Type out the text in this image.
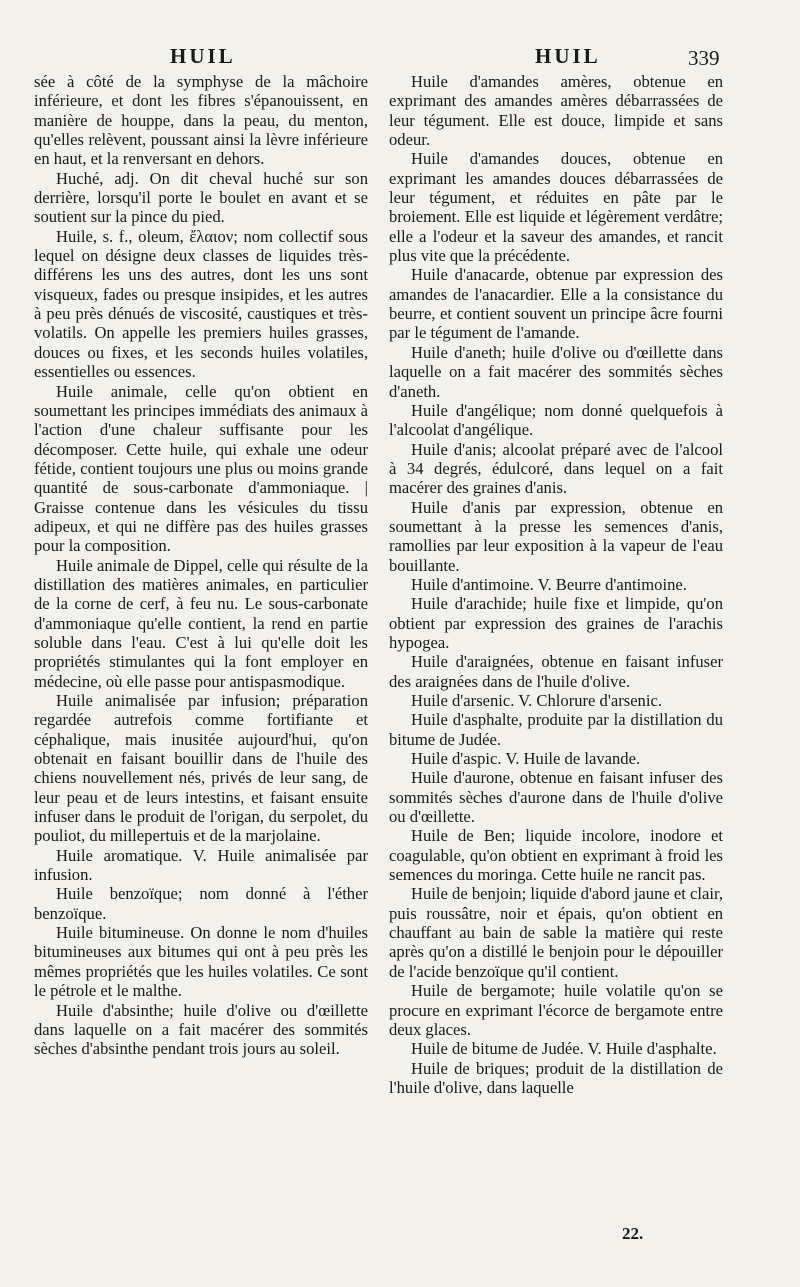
HUIL	HUIL	339

sée à côté de la symphyse de la mâchoire inférieure, et dont les fibres s'épanouissent, en manière de houppe, dans la peau, du menton, qu'elles relèvent, poussant ainsi la lèvre inférieure en haut, et la renversant en dehors.

Huché, adj. On dit cheval huché sur son derrière, lorsqu'il porte le boulet en avant et se soutient sur la pince du pied.

Huile, s. f., oleum, ἔλαιον; nom collectif sous lequel on désigne deux classes de liquides très-différens les uns des autres, dont les uns sont visqueux, fades ou presque insipides, et les autres à peu près dénués de viscosité, caustiques et très-volatils. On appelle les premiers huiles grasses, douces ou fixes, et les seconds huiles volatiles, essentielles ou essences.

Huile animale, celle qu'on obtient en soumettant les principes immédiats des animaux à l'action d'une chaleur suffisante pour les décomposer. Cette huile, qui exhale une odeur fétide, contient toujours une plus ou moins grande quantité de sous-carbonate d'ammoniaque. | Graisse contenue dans les vésicules du tissu adipeux, et qui ne diffère pas des huiles grasses pour la composition.

Huile animale de Dippel, celle qui résulte de la distillation des matières animales, en particulier de la corne de cerf, à feu nu. Le sous-carbonate d'ammoniaque qu'elle contient, la rend en partie soluble dans l'eau. C'est à lui qu'elle doit les propriétés stimulantes qui la font employer en médecine, où elle passe pour antispasmodique.

Huile animalisée par infusion; préparation regardée autrefois comme fortifiante et céphalique, mais inusitée aujourd'hui, qu'on obtenait en faisant bouillir dans de l'huile des chiens nouvellement nés, privés de leur sang, de leur peau et de leurs intestins, et faisant ensuite infuser dans le produit de l'origan, du serpolet, du pouliot, du millepertuis et de la marjolaine.

Huile aromatique. V. Huile animalisée par infusion.

Huile benzoïque; nom donné à l'éther benzoïque.

Huile bitumineuse. On donne le nom d'huiles bitumineuses aux bitumes qui ont à peu près les mêmes propriétés que les huiles volatiles. Ce sont le pétrole et le malthe.

Huile d'absinthe; huile d'olive ou d'œillette dans laquelle on a fait macérer des sommités sèches d'absinthe pendant trois jours au soleil.

Huile d'amandes amères, obtenue en exprimant des amandes amères débarrassées de leur tégument. Elle est douce, limpide et sans odeur.

Huile d'amandes douces, obtenue en exprimant les amandes douces débarrassées de leur tégument, et réduites en pâte par le broiement. Elle est liquide et légèrement verdâtre; elle a l'odeur et la saveur des amandes, et rancit plus vite que la précédente.

Huile d'anacarde, obtenue par expression des amandes de l'anacardier. Elle a la consistance du beurre, et contient souvent un principe âcre fourni par le tégument de l'amande.

Huile d'aneth; huile d'olive ou d'œillette dans laquelle on a fait macérer des sommités sèches d'aneth.

Huile d'angélique; nom donné quelquefois à l'alcoolat d'angélique.

Huile d'anis; alcoolat préparé avec de l'alcool à 34 degrés, édulcoré, dans lequel on a fait macérer des graines d'anis.

Huile d'anis par expression, obtenue en soumettant à la presse les semences d'anis, ramollies par leur exposition à la vapeur de l'eau bouillante.

Huile d'antimoine. V. Beurre d'antimoine.

Huile d'arachide; huile fixe et limpide, qu'on obtient par expression des graines de l'arachis hypogea.

Huile d'araignées, obtenue en faisant infuser des araignées dans de l'huile d'olive.

Huile d'arsenic. V. Chlorure d'arsenic.

Huile d'asphalte, produite par la distillation du bitume de Judée.

Huile d'aspic. V. Huile de lavande.

Huile d'aurone, obtenue en faisant infuser des sommités sèches d'aurone dans de l'huile d'olive ou d'œillette.

Huile de Ben; liquide incolore, inodore et coagulable, qu'on obtient en exprimant à froid les semences du moringa. Cette huile ne rancit pas.

Huile de benjoin; liquide d'abord jaune et clair, puis roussâtre, noir et épais, qu'on obtient en chauffant au bain de sable la matière qui reste après qu'on a distillé le benjoin pour le dépouiller de l'acide benzoïque qu'il contient.

Huile de bergamote; huile volatile qu'on se procure en exprimant l'écorce de bergamote entre deux glaces.

Huile de bitume de Judée. V. Huile d'asphalte.

Huile de briques; produit de la distillation de l'huile d'olive, dans laquelle

22.
